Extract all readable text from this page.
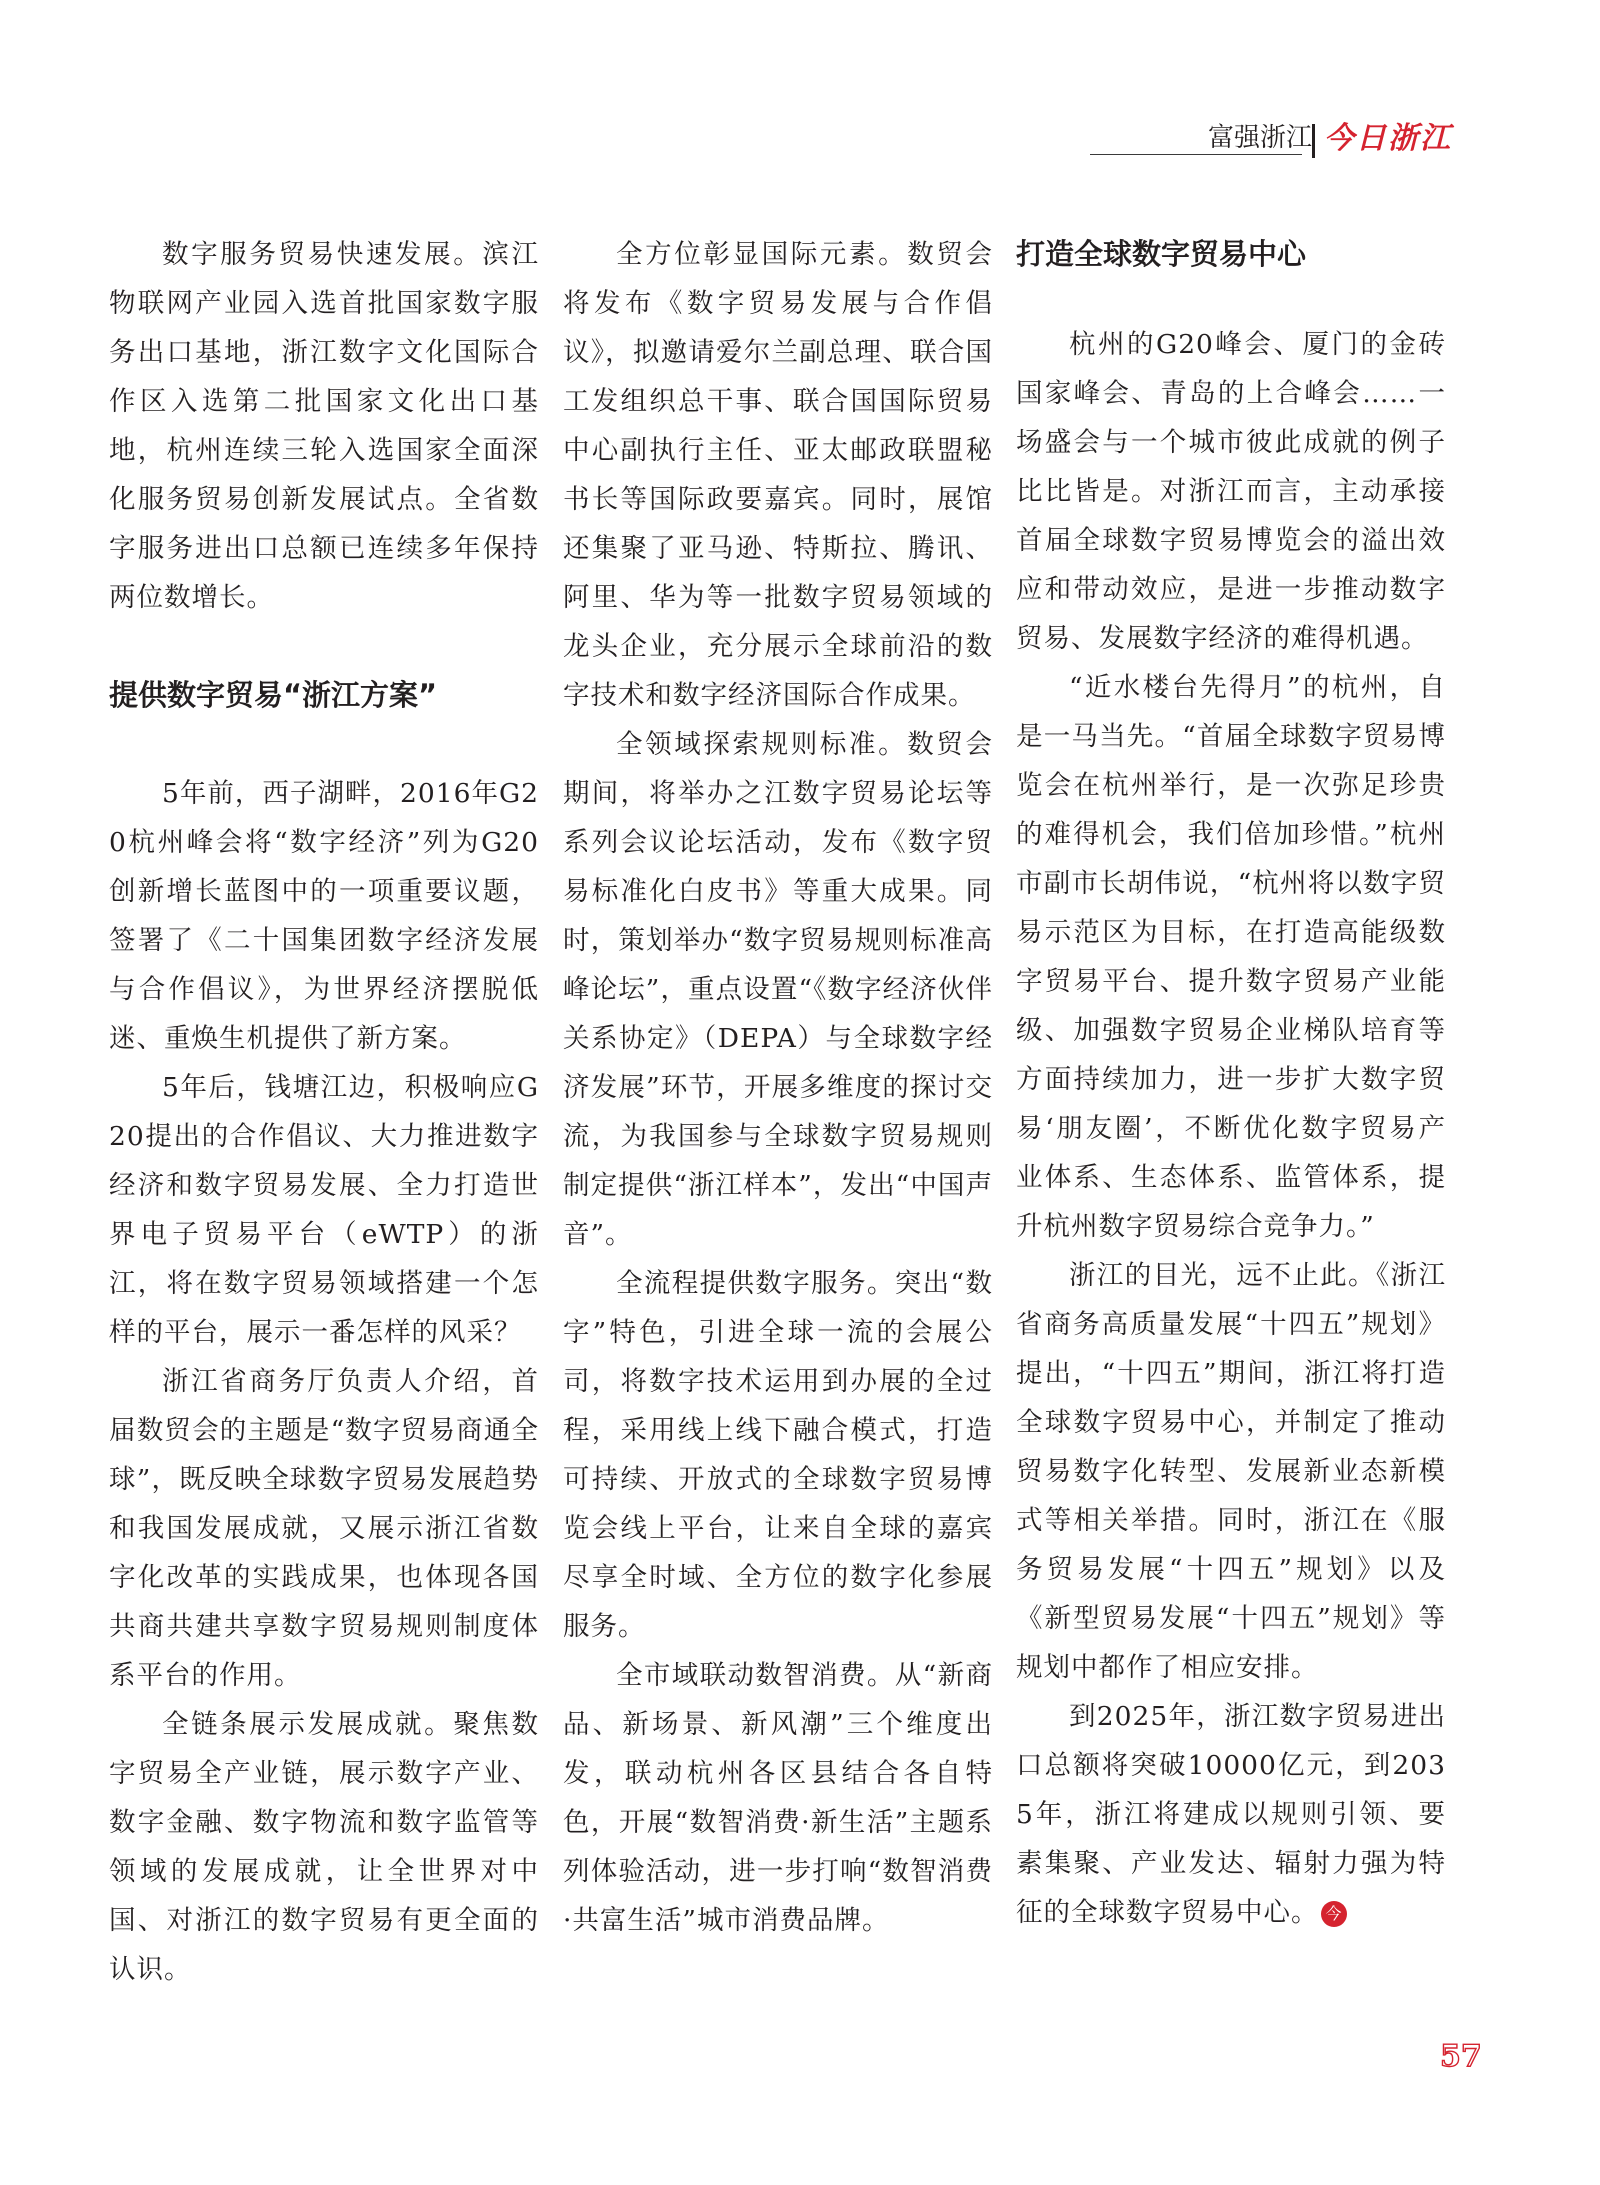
富强浙江 今日浙江

数字服务贸易快速发展。滨江物联网产业园入选首批国家数字服务出口基地，浙江数字文化国际合作区入选第二批国家文化出口基地，杭州连续三轮入选国家全面深化服务贸易创新发展试点。全省数字服务进出口总额已连续多年保持两位数增长。

提供数字贸易“浙江方案”

5年前，西子湖畔，2016年G20杭州峰会将“数字经济”列为G20创新增长蓝图中的一项重要议题，签署了《二十国集团数字经济发展与合作倡议》，为世界经济摆脱低迷、重焕生机提供了新方案。

5年后，钱塘江边，积极响应G20提出的合作倡议、大力推进数字经济和数字贸易发展、全力打造世界电子贸易平台（eWTP）的浙江，将在数字贸易领域搭建一个怎样的平台，展示一番怎样的风采？

浙江省商务厅负责人介绍，首届数贸会的主题是“数字贸易商通全球”，既反映全球数字贸易发展趋势和我国发展成就，又展示浙江省数字化改革的实践成果，也体现各国共商共建共享数字贸易规则制度体系平台的作用。

全链条展示发展成就。聚焦数字贸易全产业链，展示数字产业、数字金融、数字物流和数字监管等领域的发展成就，让全世界对中国、对浙江的数字贸易有更全面的认识。

全方位彰显国际元素。数贸会将发布《数字贸易发展与合作倡议》，拟邀请爱尔兰副总理、联合国工发组织总干事、联合国国际贸易中心副执行主任、亚太邮政联盟秘书长等国际政要嘉宾。同时，展馆还集聚了亚马逊、特斯拉、腾讯、阿里、华为等一批数字贸易领域的龙头企业，充分展示全球前沿的数字技术和数字经济国际合作成果。

全领域探索规则标准。数贸会期间，将举办之江数字贸易论坛等系列会议论坛活动，发布《数字贸易标准化白皮书》等重大成果。同时，策划举办“数字贸易规则标准高峰论坛”，重点设置“《数字经济伙伴关系协定》（DEPA）与全球数字经济发展”环节，开展多维度的探讨交流，为我国参与全球数字贸易规则制定提供“浙江样本”，发出“中国声音”。

全流程提供数字服务。突出“数字”特色，引进全球一流的会展公司，将数字技术运用到办展的全过程，采用线上线下融合模式，打造可持续、开放式的全球数字贸易博览会线上平台，让来自全球的嘉宾尽享全时域、全方位的数字化参展服务。

全市域联动数智消费。从“新商品、新场景、新风潮”三个维度出发，联动杭州各区县结合各自特色，开展“数智消费·新生活”主题系列体验活动，进一步打响“数智消费·共富生活”城市消费品牌。

打造全球数字贸易中心

杭州的G20峰会、厦门的金砖国家峰会、青岛的上合峰会……一场盛会与一个城市彼此成就的例子比比皆是。对浙江而言，主动承接首届全球数字贸易博览会的溢出效应和带动效应，是进一步推动数字贸易、发展数字经济的难得机遇。

“近水楼台先得月”的杭州，自是一马当先。“首届全球数字贸易博览会在杭州举行，是一次弥足珍贵的难得机会，我们倍加珍惜。”杭州市副市长胡伟说，“杭州将以数字贸易示范区为目标，在打造高能级数字贸易平台、提升数字贸易产业能级、加强数字贸易企业梯队培育等方面持续加力，进一步扩大数字贸易‘朋友圈’，不断优化数字贸易产业体系、生态体系、监管体系，提升杭州数字贸易综合竞争力。”

浙江的目光，远不止此。《浙江省商务高质量发展“十四五”规划》提出，“十四五”期间，浙江将打造全球数字贸易中心，并制定了推动贸易数字化转型、发展新业态新模式等相关举措。同时，浙江在《服务贸易发展“十四五”规划》以及《新型贸易发展“十四五”规划》等规划中都作了相应安排。

到2025年，浙江数字贸易进出口总额将突破10000亿元，到2035年，浙江将建成以规则引领、要素集聚、产业发达、辐射力强为特征的全球数字贸易中心。 今

57
